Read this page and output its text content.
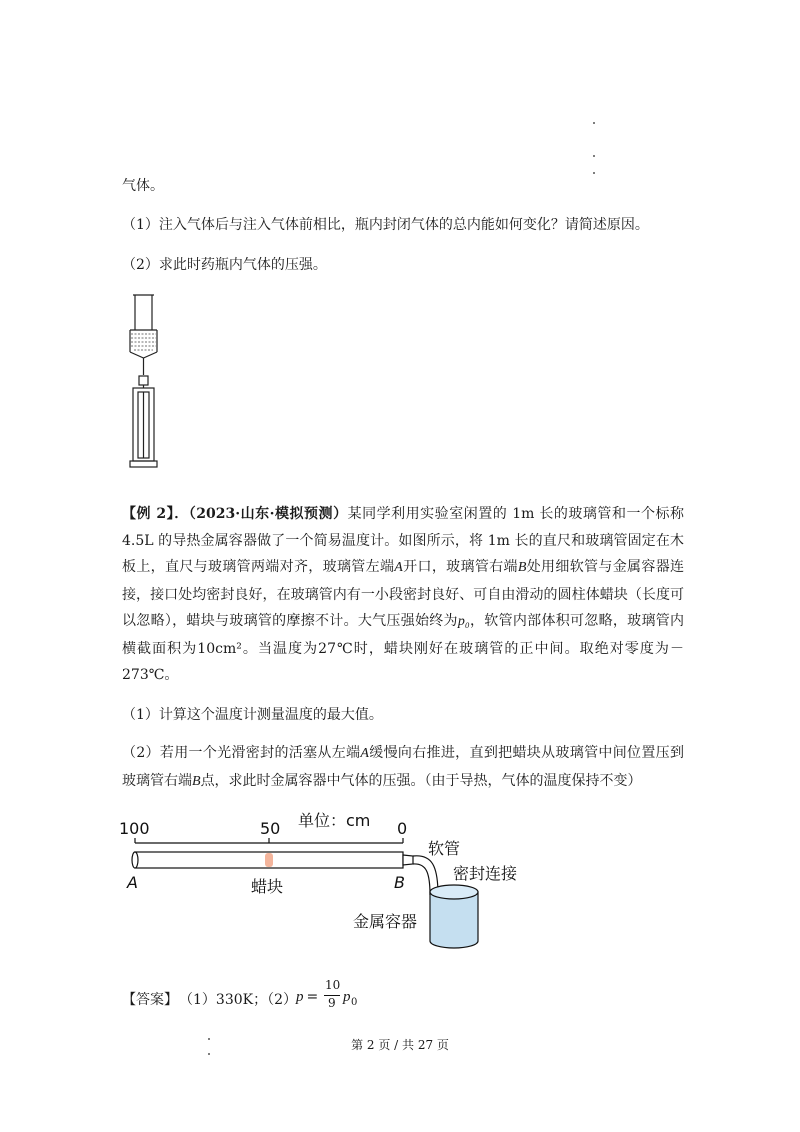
气体。
（1）注入气体后与注入气体前相比，瓶内封闭气体的总内能如何变化？请简述原因。
（2）求此时药瓶内气体的压强。
【例 2】．（2023·山东·模拟预测）某同学利用实验室闲置的 1m 长的玻璃管和一个标称 4.5L 的导热金属容器做了一个简易温度计。如图所示，将 1m 长的直尺和玻璃管固定在木板上，直尺与玻璃管两端对齐，玻璃管左端A开口，玻璃管右端B处用细软管与金属容器连接，接口处均密封良好，在玻璃管内有一小段密封良好、可自由滑动的圆柱体蜡块（长度可以忽略），蜡块与玻璃管的摩擦不计。大气压强始终为p₀，软管内部体积可忽略，玻璃管内横截面积为10cm²。当温度为27℃时，蜡块刚好在玻璃管的正中间。取绝对零度为－273℃。
（1）计算这个温度计测量温度的最大值。
（2）若用一个光滑密封的活塞从左端A缓慢向右推进，直到把蜡块从玻璃管中间位置压到玻璃管右端B点，求此时金属容器中气体的压强。（由于导热，气体的温度保持不变）
单位：cm
100	50	0
A	B
蜡块
软管
密封连接
金属容器
【答案】 （1）330K；（2） p
=
10
9 p 0
第 2 页 / 共 27 页
